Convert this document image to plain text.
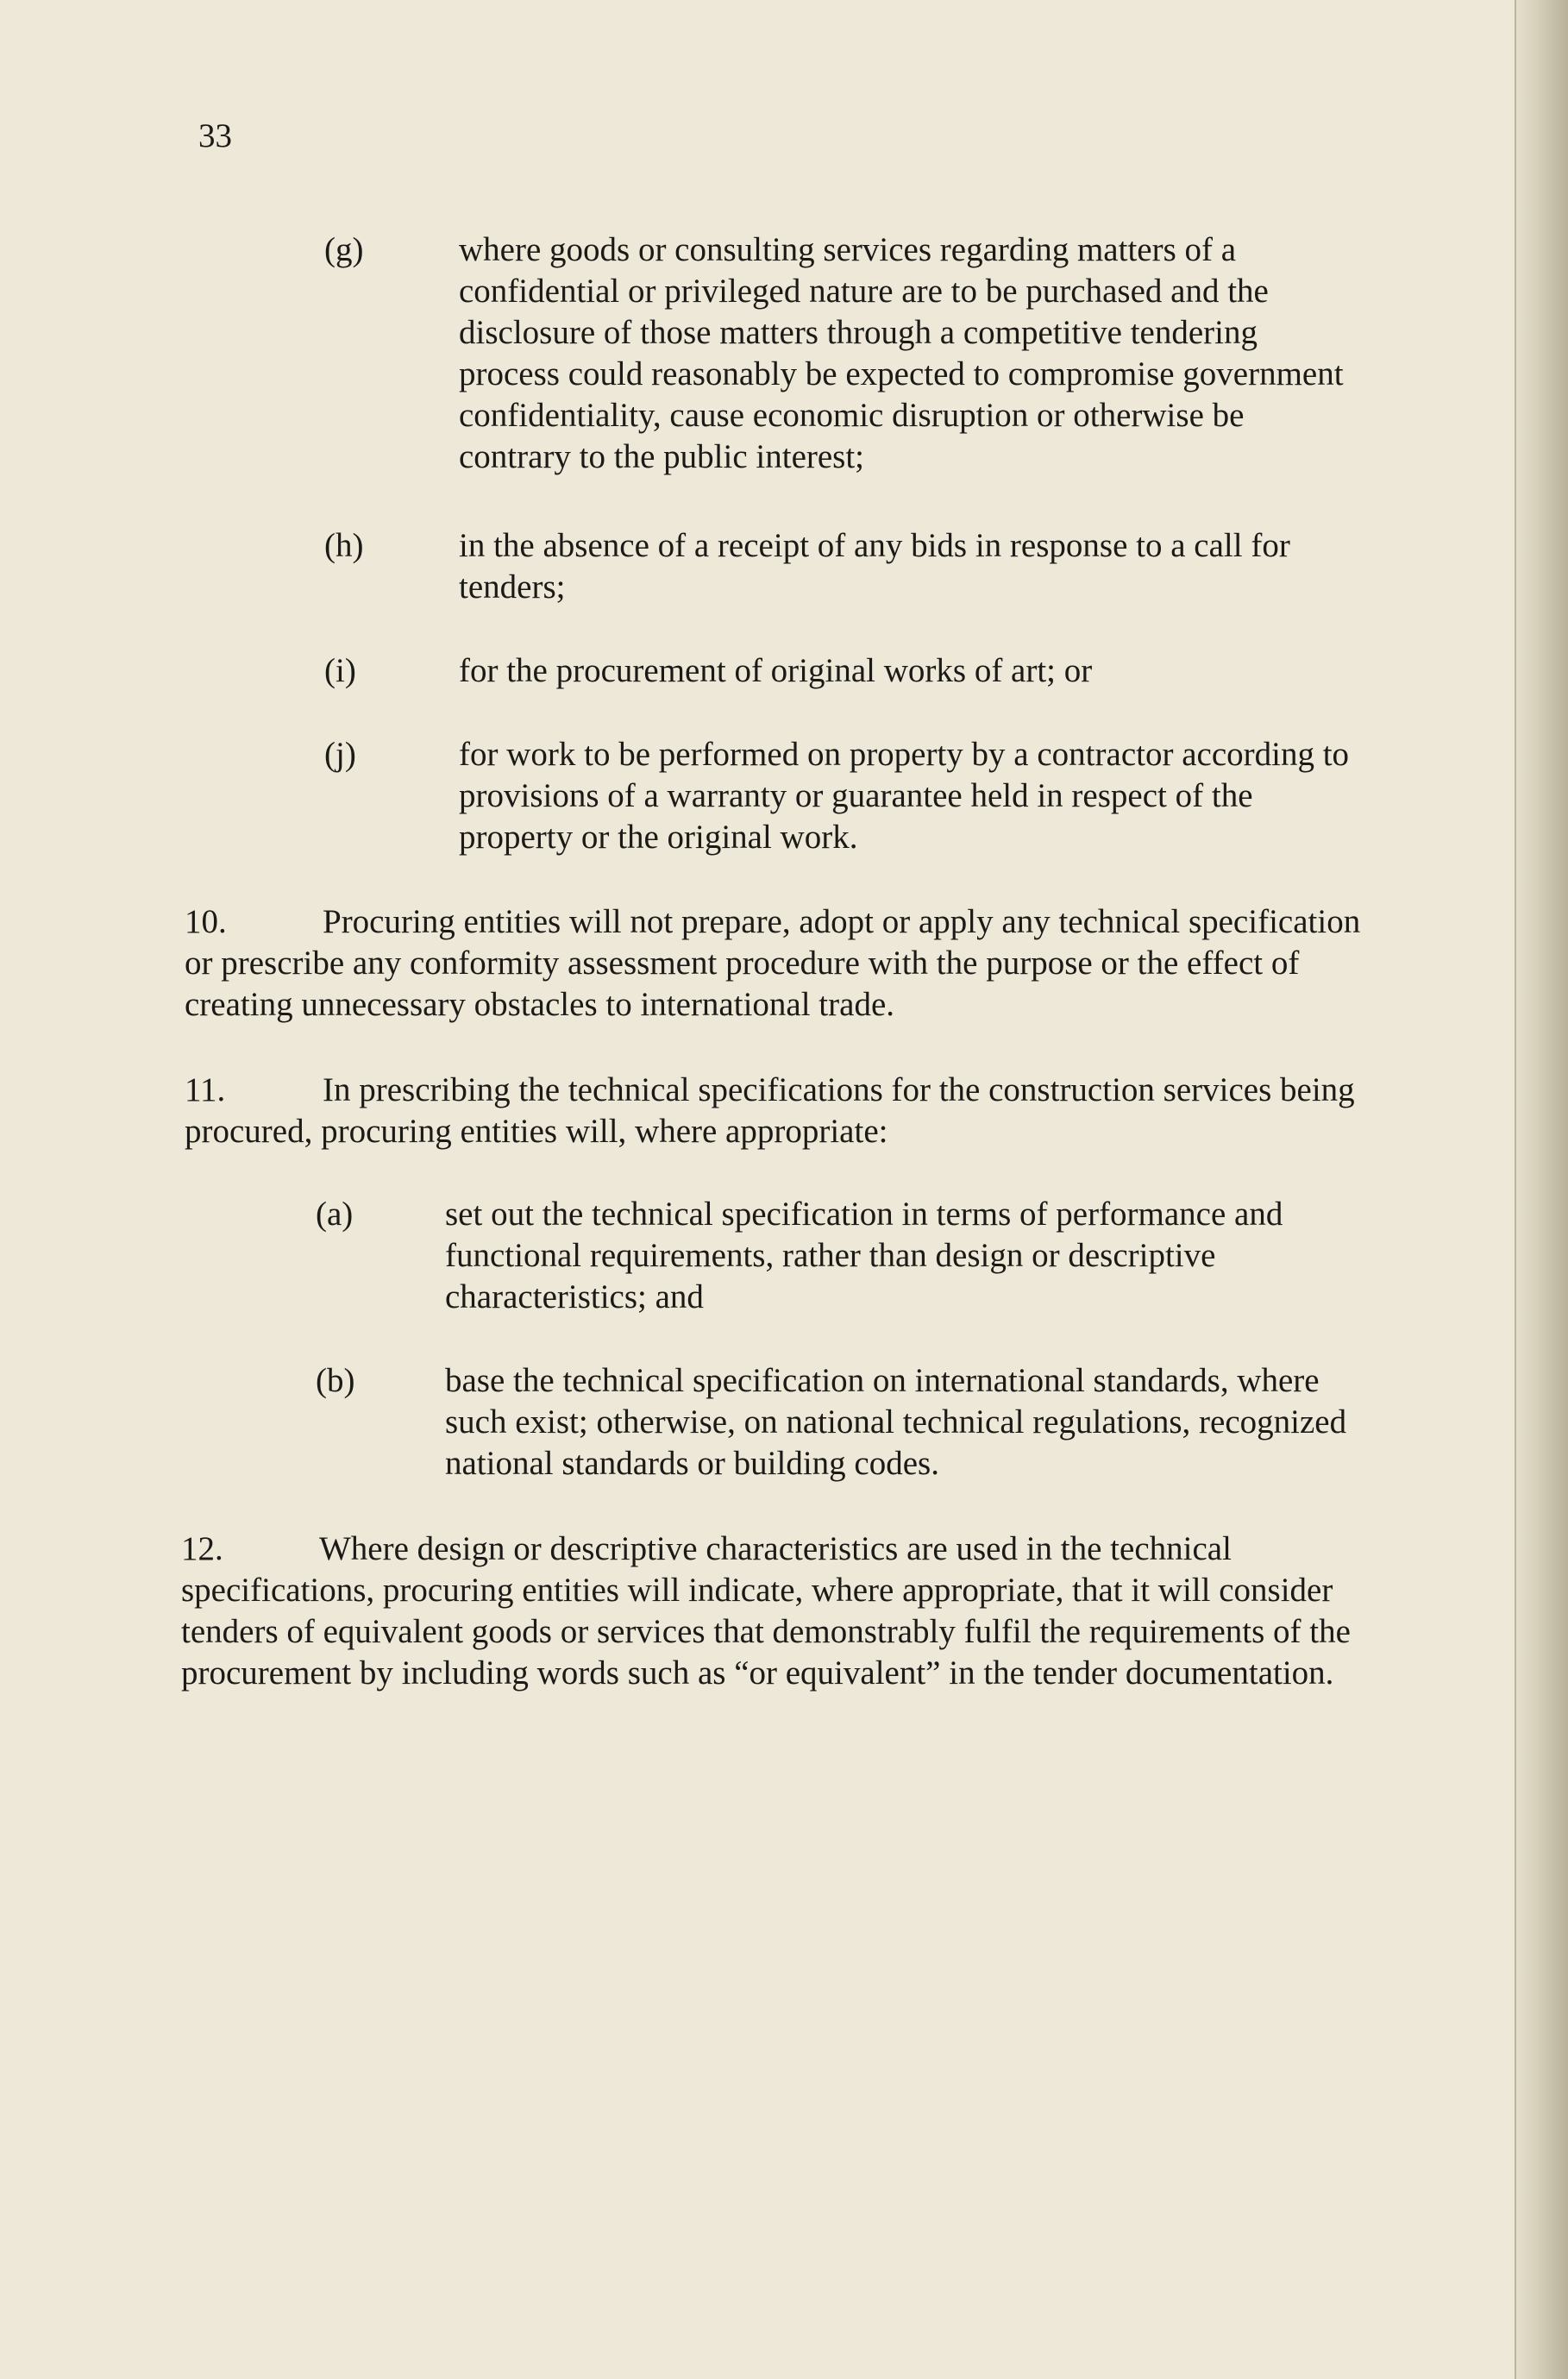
33

(g)	where goods or consulting services regarding matters of a confidential or privileged nature are to be purchased and the disclosure of those matters through a competitive tendering process could reasonably be expected to compromise government confidentiality, cause economic disruption or otherwise be contrary to the public interest;
(h)	in the absence of a receipt of any bids in response to a call for tenders;
(i)	for the procurement of original works of art; or
(j)	for work to be performed on property by a contractor according to provisions of a warranty or guarantee held in respect of the property or the original work.

10.	Procuring entities will not prepare, adopt or apply any technical specification or prescribe any conformity assessment procedure with the purpose or the effect of creating unnecessary obstacles to international trade.

11.	In prescribing the technical specifications for the construction services being procured, procuring entities will, where appropriate:

(a)	set out the technical specification in terms of performance and functional requirements, rather than design or descriptive characteristics; and
(b)	base the technical specification on international standards, where such exist; otherwise, on national technical regulations, recognized national standards or building codes.

12.	Where design or descriptive characteristics are used in the technical specifications, procuring entities will indicate, where appropriate, that it will consider tenders of equivalent goods or services that demonstrably fulfil the requirements of the procurement by including words such as “or equivalent” in the tender documentation.
